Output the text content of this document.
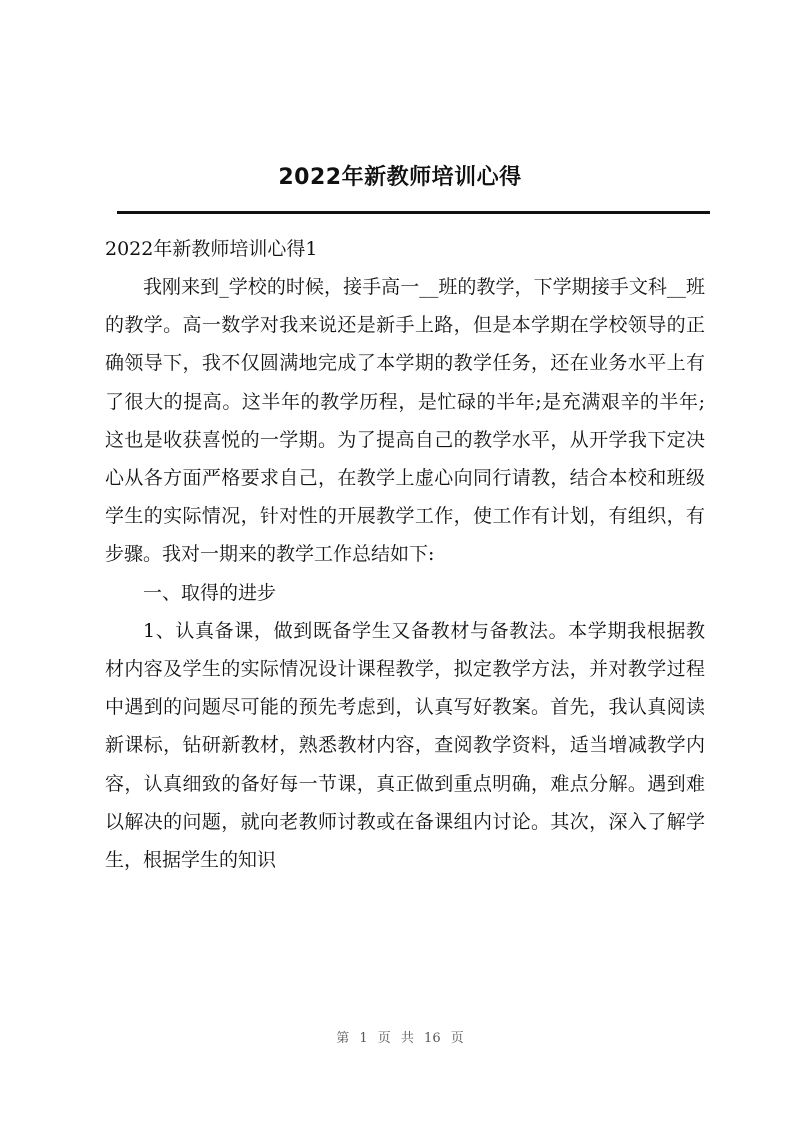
2022年新教师培训心得
2022年新教师培训心得1

我刚来到_学校的时候，接手高一__班的教学，下学期接手文科__班的教学。高一数学对我来说还是新手上路，但是本学期在学校领导的正确领导下，我不仅圆满地完成了本学期的教学任务，还在业务水平上有了很大的提高。这半年的教学历程，是忙碌的半年;是充满艰辛的半年;这也是收获喜悦的一学期。为了提高自己的教学水平，从开学我下定决心从各方面严格要求自己，在教学上虚心向同行请教，结合本校和班级学生的实际情况，针对性的开展教学工作，使工作有计划，有组织，有步骤。我对一期来的教学工作总结如下:

一、取得的进步

1、认真备课，做到既备学生又备教材与备教法。本学期我根据教材内容及学生的实际情况设计课程教学，拟定教学方法，并对教学过程中遇到的问题尽可能的预先考虑到，认真写好教案。首先，我认真阅读新课标，钻研新教材，熟悉教材内容，查阅教学资料，适当增减教学内容，认真细致的备好每一节课，真正做到重点明确，难点分解。遇到难以解决的问题，就向老教师讨教或在备课组内讨论。其次，深入了解学生，根据学生的知识

第 1 页 共 16 页
